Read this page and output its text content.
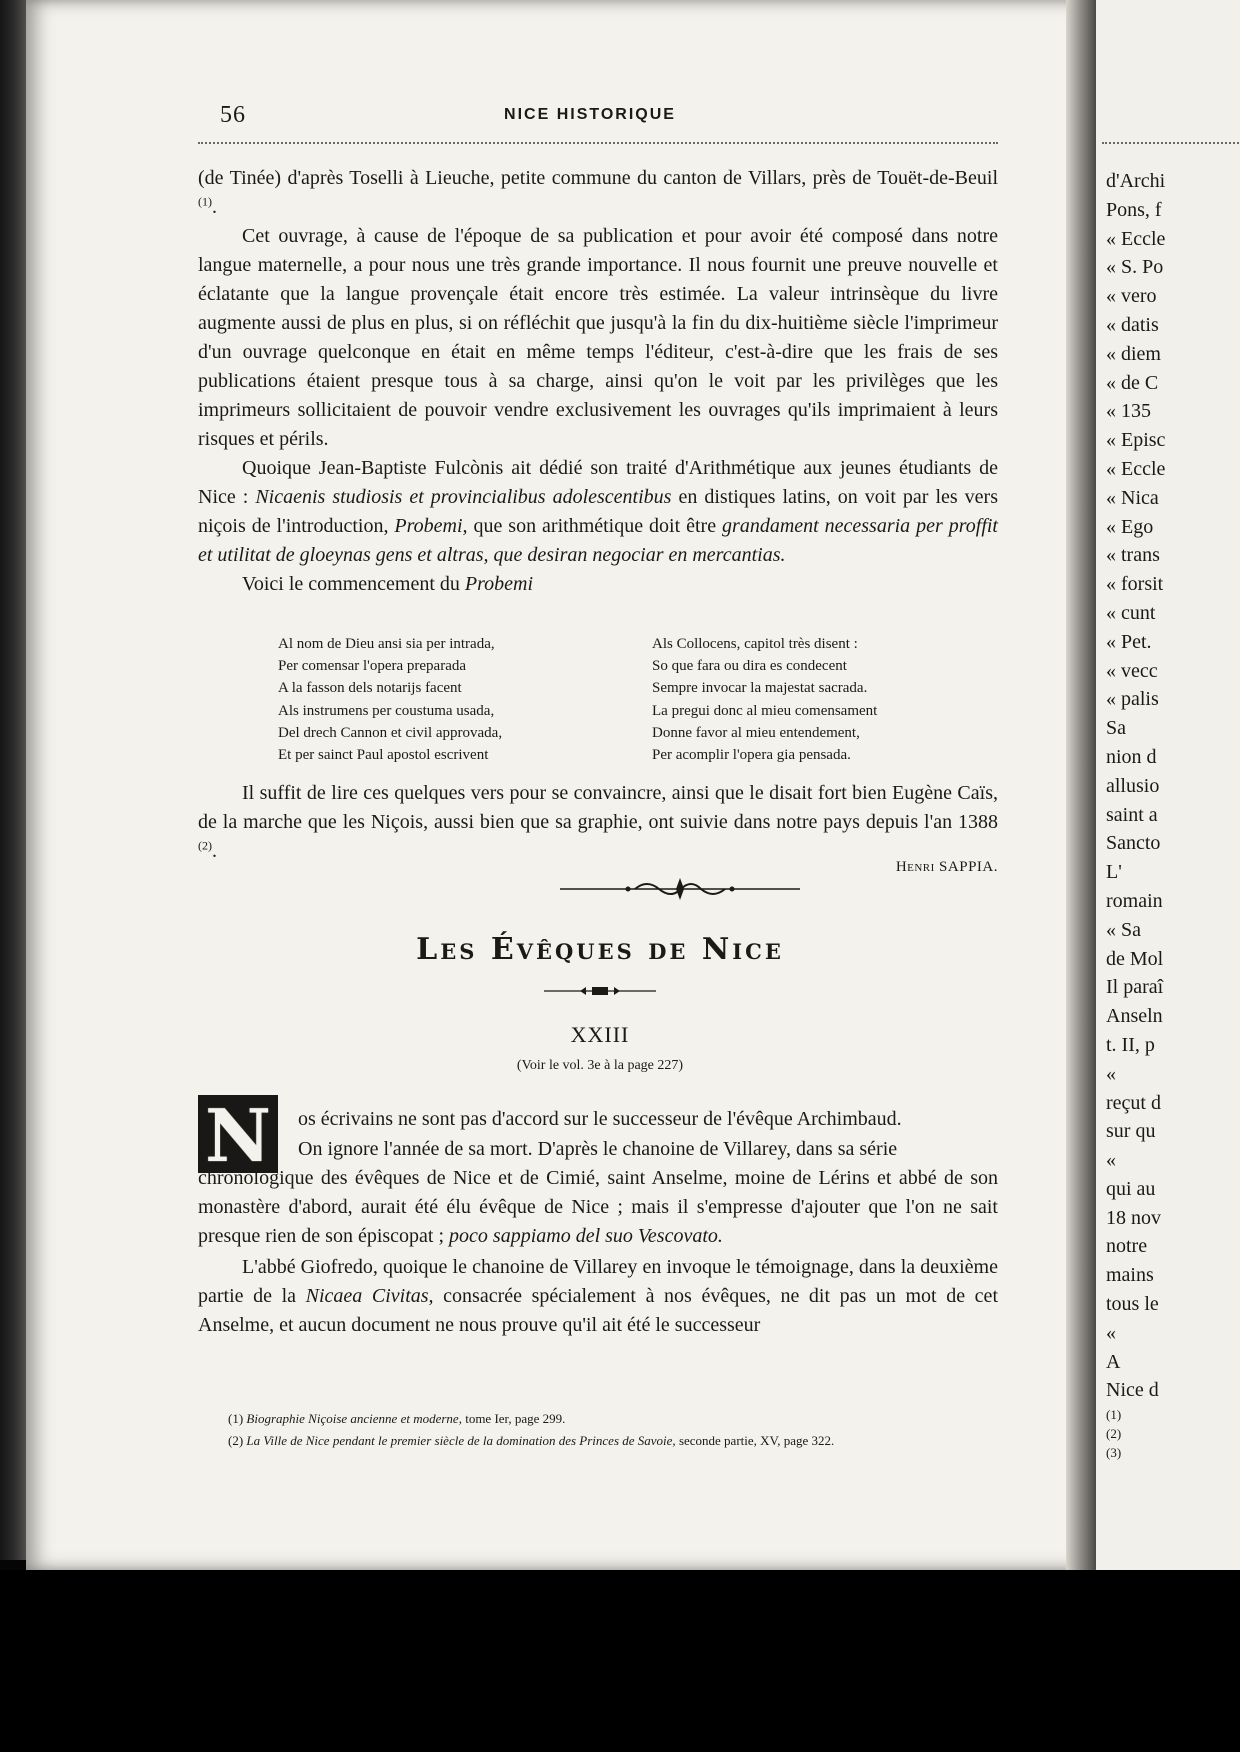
d'Archi
Pons, f
« Eccle
« S. Po
« vero
« datis
« diem
« de C
« 135
« Episc
« Eccle
« Nica
« Ego
« trans
« forsit
« cunt
« Pet.
« vecc
« palis
Sa
nion d
allusio
saint a
Sancto
L'
romain
« Sa
de Mol
Il paraî
Anseln
t. II, p
«
reçut d
sur qu
«
qui au
18 nov
notre
mains
tous le
«
A
Nice d
(1)
(2)
(3)
56	NICE HISTORIQUE

(de Tinée) d'après Toselli à Lieuche, petite commune du canton de Villars, près de Touët-de-Beuil $^{(1)}$.

Cet ouvrage, à cause de l'époque de sa publication et pour avoir été composé dans notre langue maternelle, a pour nous une très grande importance. Il nous fournit une preuve nouvelle et éclatante que la langue provençale était encore très estimée. La valeur intrinsèque du livre augmente aussi de plus en plus, si on réfléchit que jusqu'à la fin du dix-huitième siècle l'imprimeur d'un ouvrage quelconque en était en même temps l'éditeur, c'est-à-dire que les frais de ses publications étaient presque tous à sa charge, ainsi qu'on le voit par les privilèges que les imprimeurs sollicitaient de pouvoir vendre exclusivement les ouvrages qu'ils imprimaient à leurs risques et périls.

Quoique Jean-Baptiste Fulcònis ait dédié son traité d'Arithmétique aux jeunes étudiants de Nice : Nicaenis studiosis et provincialibus adolescentibus en distiques latins, on voit par les vers niçois de l'introduction, Probemi, que son arithmétique doit être grandament necessaria per proffit et utilitat de gloeynas gens et altras, que desiran negociar en mercantias.

Voici le commencement du Probemi

Al nom de Dieu ansi sia per intrada,
Per comensar l'opera preparada
A la fasson dels notarijs facent
Als instrumens per coustuma usada,
Del drech Cannon et civil approvada,
Et per sainct Paul apostol escrivent
Als Collocens, capitol très disent :
So que fara ou dira es condecent
Sempre invocar la majestat sacrada.
La pregui donc al mieu comensament
Donne favor al mieu entendement,
Per acomplir l'opera gia pensada.

Il suffit de lire ces quelques vers pour se convaincre, ainsi que le disait fort bien Eugène Caïs, de la marche que les Niçois, aussi bien que sa graphie, ont suivie dans notre pays depuis l'an 1388 $^{(2)}$.

Henri SAPPIA.
Les Évêques de Nice
XXIII
(Voir le vol. 3e à la page 227)
N os écrivains ne sont pas d'accord sur le successeur de l'évêque Archimbaud.
On ignore l'année de sa mort. D'après le chanoine de Villarey, dans sa série

chronologique des évêques de Nice et de Cimié, saint Anselme, moine de Lérins et abbé de son monastère d'abord, aurait été élu évêque de Nice ; mais il s'empresse d'ajouter que l'on ne sait presque rien de son épiscopat ; poco sappiamo del suo Vescovato.

L'abbé Giofredo, quoique le chanoine de Villarey en invoque le témoignage, dans la deuxième partie de la Nicaea Civitas, consacrée spécialement à nos évêques, ne dit pas un mot de cet Anselme, et aucun document ne nous prouve qu'il ait été le successeur

(1) Biographie Niçoise ancienne et moderne, tome Ier, page 299.
(2) La Ville de Nice pendant le premier siècle de la domination des Princes de Savoie, seconde partie, XV, page 322.
